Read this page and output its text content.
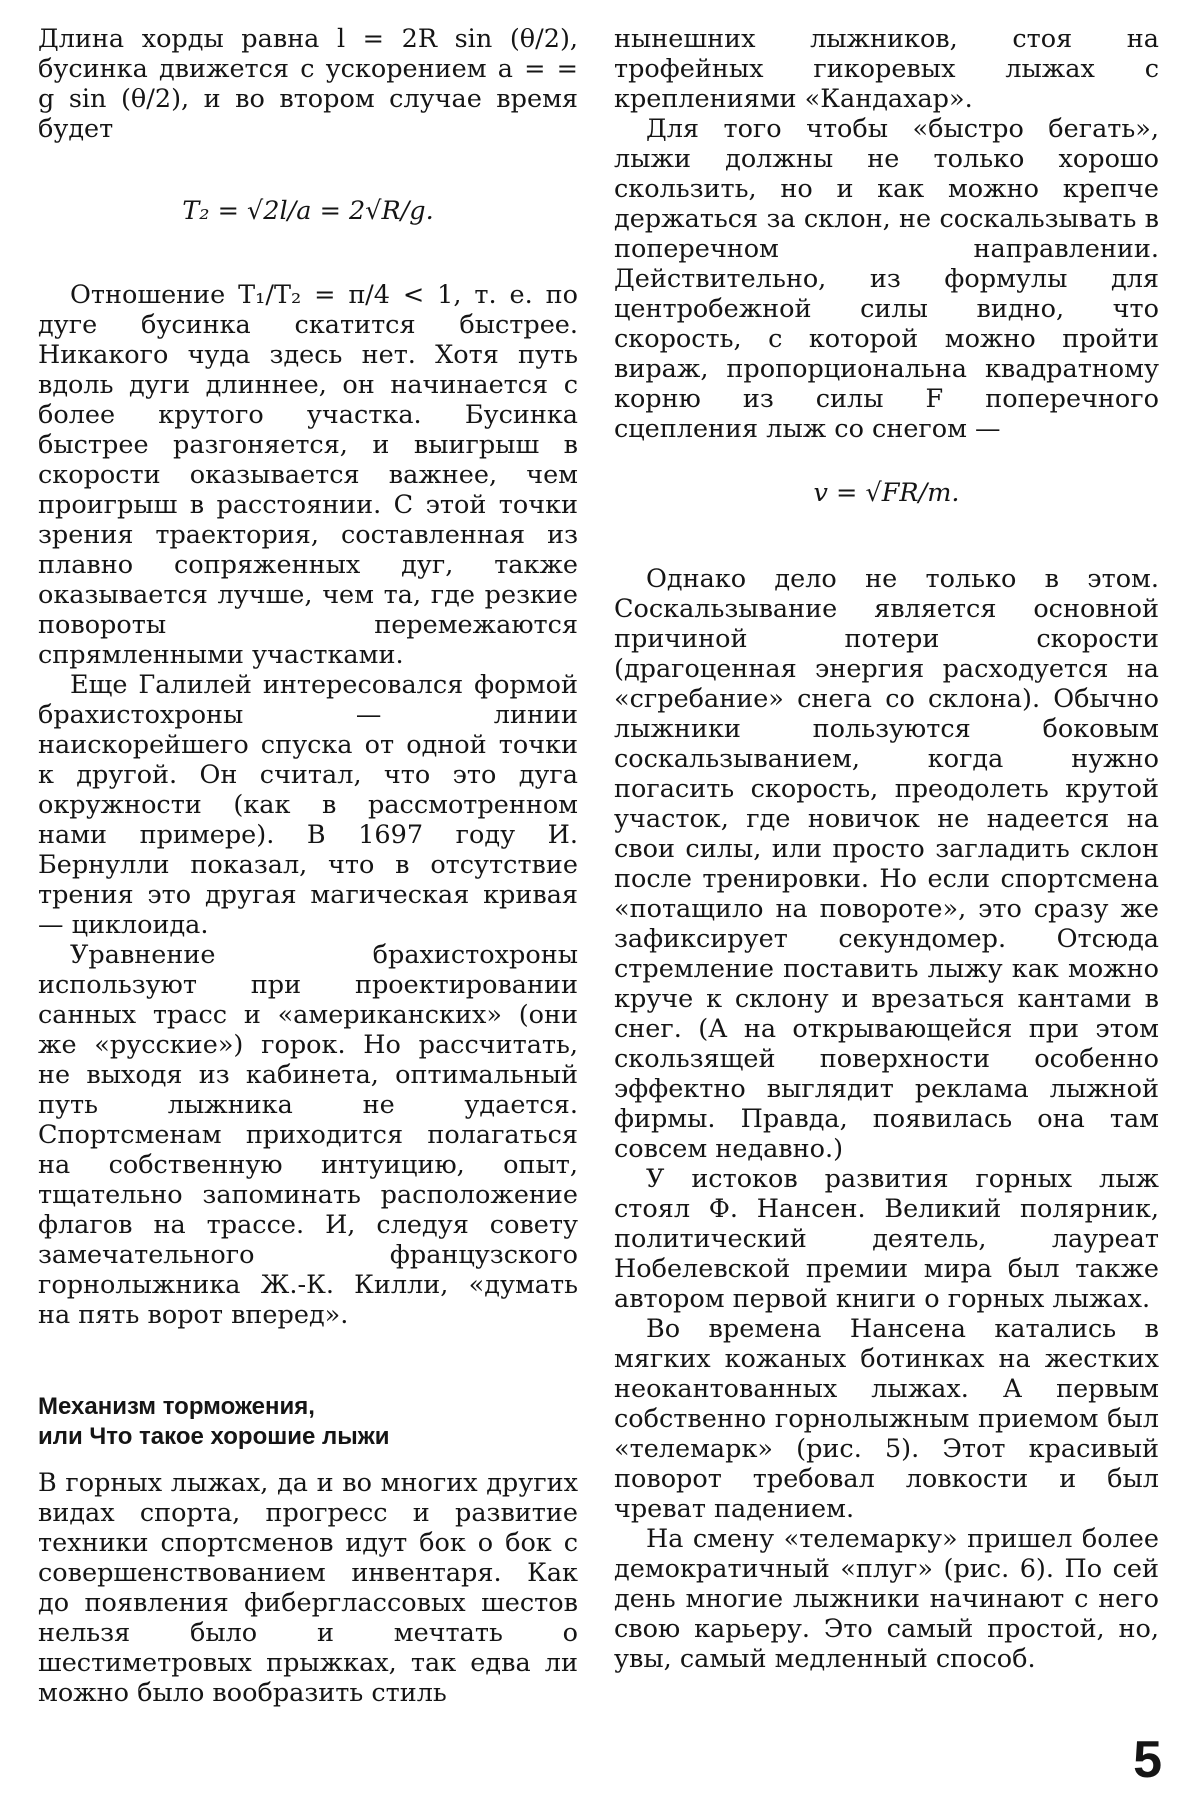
Длина хорды равна l = 2R sin (θ/2), бусинка движется с ускорением a = = g sin (θ/2), и во втором случае время будет

T₂ = √2l/a = 2√R/g.

Отношение T₁/T₂ = π/4 < 1, т. е. по дуге бусинка скатится быстрее. Никакого чуда здесь нет. Хотя путь вдоль дуги длиннее, он начинается с более крутого участка. Бусинка быстрее разгоняется, и выигрыш в скорости оказывается важнее, чем проигрыш в расстоянии. С этой точки зрения траектория, составленная из плавно сопряженных дуг, также оказывается лучше, чем та, где резкие повороты перемежаются спрямленными участками.

Еще Галилей интересовался формой брахистохроны — линии наискорейшего спуска от одной точки к другой. Он считал, что это дуга окружности (как в рассмотренном нами примере). В 1697 году И. Бернулли показал, что в отсутствие трения это другая магическая кривая — циклоида.

Уравнение брахистохроны используют при проектировании санных трасс и «американских» (они же «русские») горок. Но рассчитать, не выходя из кабинета, оптимальный путь лыжника не удается. Спортсменам приходится полагаться на собственную интуицию, опыт, тщательно запоминать расположение флагов на трассе. И, следуя совету замечательного французского горнолыжника Ж.-К. Килли, «думать на пять ворот вперед».

Механизм торможения,
или Что такое хорошие лыжи

В горных лыжах, да и во многих других видах спорта, прогресс и развитие техники спортсменов идут бок о бок с совершенствованием инвентаря. Как до появления фиберглассовых шестов нельзя было и мечтать о шестиметровых прыжках, так едва ли можно было вообразить стиль

нынешних лыжников, стоя на трофейных гикоревых лыжах с креплениями «Кандахар».

Для того чтобы «быстро бегать», лыжи должны не только хорошо скользить, но и как можно крепче держаться за склон, не соскальзывать в поперечном направлении. Действительно, из формулы для центробежной силы видно, что скорость, с которой можно пройти вираж, пропорциональна квадратному корню из силы F поперечного сцепления лыж со снегом —

v = √FR/m.

Однако дело не только в этом. Соскальзывание является основной причиной потери скорости (драгоценная энергия расходуется на «сгребание» снега со склона). Обычно лыжники пользуются боковым соскальзыванием, когда нужно погасить скорость, преодолеть крутой участок, где новичок не надеется на свои силы, или просто загладить склон после тренировки. Но если спортсмена «потащило на повороте», это сразу же зафиксирует секундомер. Отсюда стремление поставить лыжу как можно круче к склону и врезаться кантами в снег. (А на открывающейся при этом скользящей поверхности особенно эффектно выглядит реклама лыжной фирмы. Правда, появилась она там совсем недавно.)

У истоков развития горных лыж стоял Ф. Нансен. Великий полярник, политический деятель, лауреат Нобелевской премии мира был также автором первой книги о горных лыжах.

Во времена Нансена катались в мягких кожаных ботинках на жестких неокантованных лыжах. А первым собственно горнолыжным приемом был «телемарк» (рис. 5). Этот красивый поворот требовал ловкости и был чреват падением.

На смену «телемарку» пришел более демократичный «плуг» (рис. 6). По сей день многие лыжники начинают с него свою карьеру. Это самый простой, но, увы, самый медленный способ.

5
